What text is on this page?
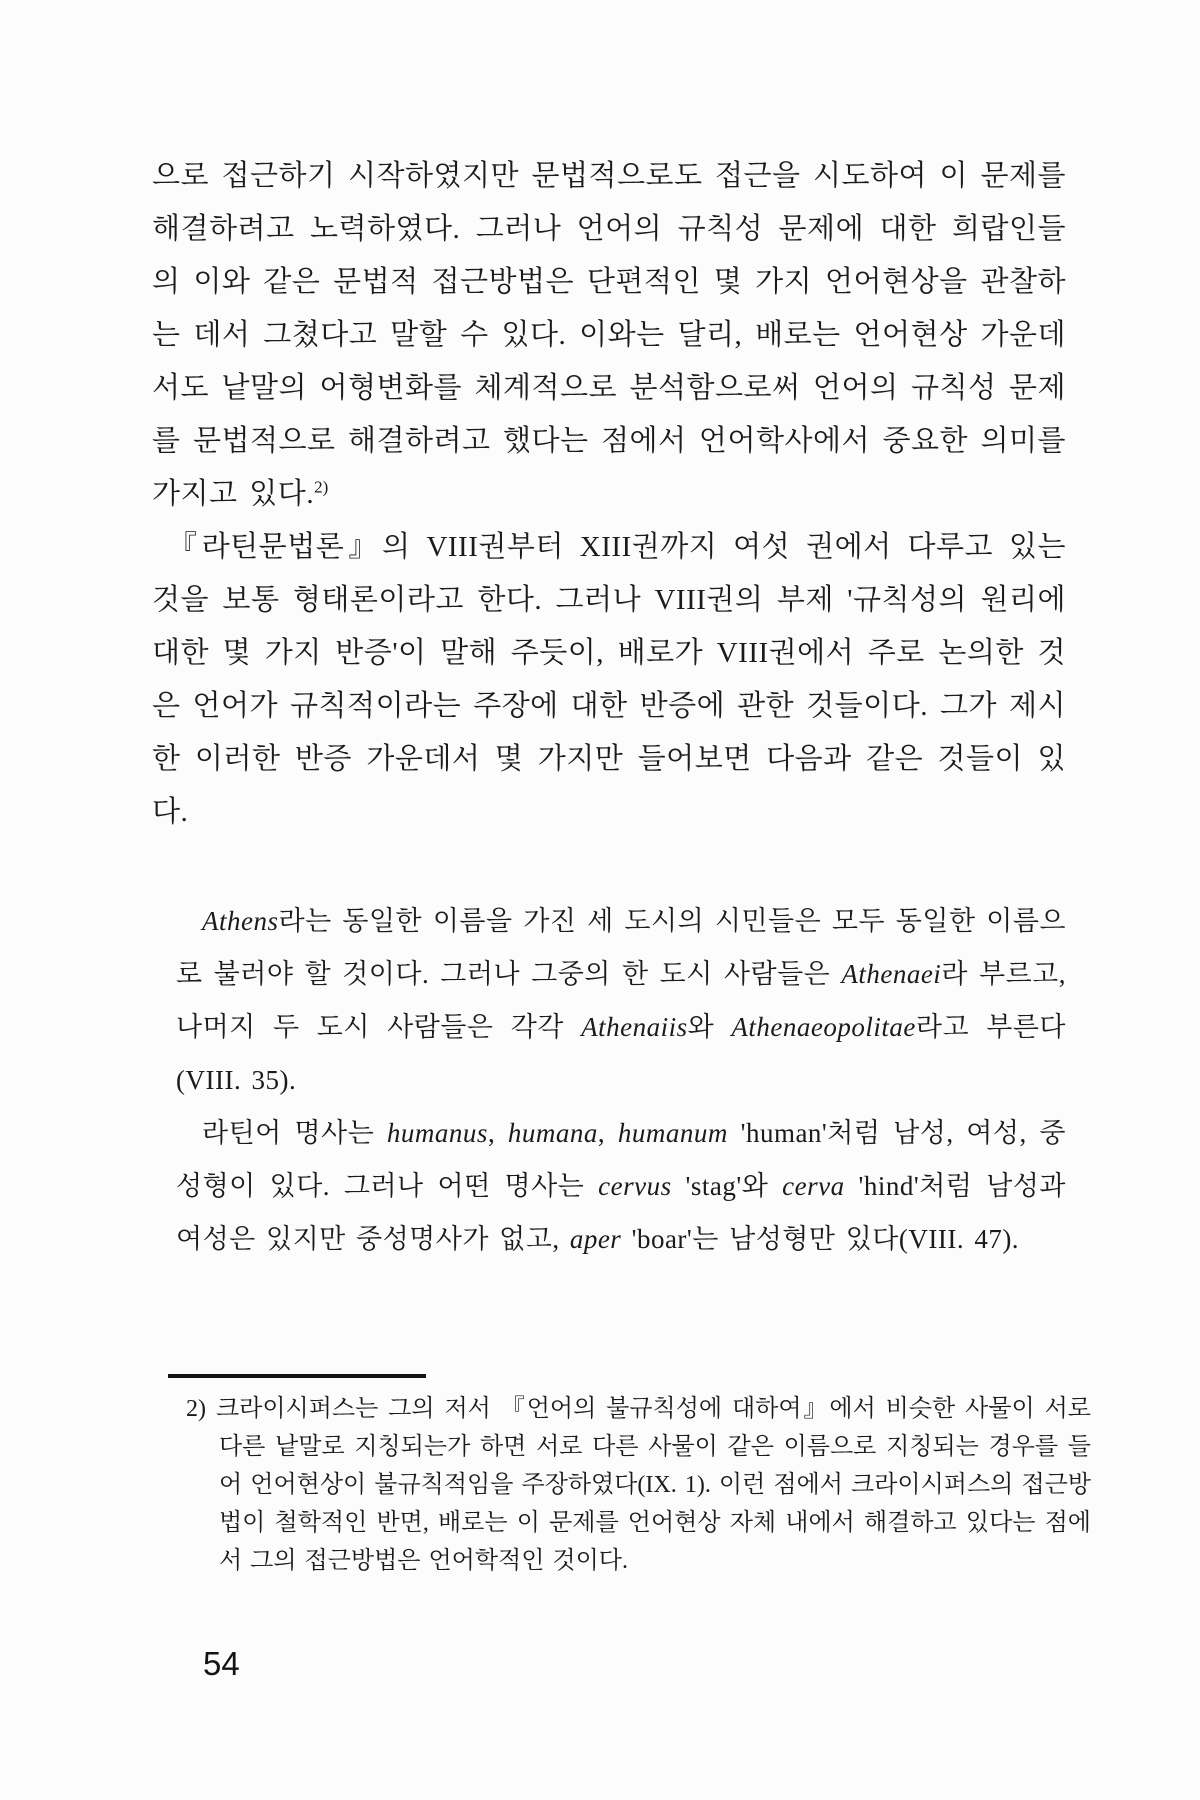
으로 접근하기 시작하였지만 문법적으로도 접근을 시도하여 이 문제를 해결하려고 노력하였다. 그러나 언어의 규칙성 문제에 대한 희랍인들의 이와 같은 문법적 접근방법은 단편적인 몇 가지 언어현상을 관찰하는 데서 그쳤다고 말할 수 있다. 이와는 달리, 배로는 언어현상 가운데서도 낱말의 어형변화를 체계적으로 분석함으로써 언어의 규칙성 문제를 문법적으로 해결하려고 했다는 점에서 언어학사에서 중요한 의미를 가지고 있다.$^{2)}$

『라틴문법론』의 VIII권부터 XIII권까지 여섯 권에서 다루고 있는 것을 보통 형태론이라고 한다. 그러나 VIII권의 부제 '규칙성의 원리에 대한 몇 가지 반증'이 말해 주듯이, 배로가 VIII권에서 주로 논의한 것은 언어가 규칙적이라는 주장에 대한 반증에 관한 것들이다. 그가 제시한 이러한 반증 가운데서 몇 가지만 들어보면 다음과 같은 것들이 있다.

Athens라는 동일한 이름을 가진 세 도시의 시민들은 모두 동일한 이름으로 불러야 할 것이다. 그러나 그중의 한 도시 사람들은 Athenaei라 부르고, 나머지 두 도시 사람들은 각각 Athenaiis와 Athenaeopolitae라고 부른다(VIII. 35).

라틴어 명사는 humanus, humana, humanum 'human'처럼 남성, 여성, 중성형이 있다. 그러나 어떤 명사는 cervus 'stag'와 cerva 'hind'처럼 남성과 여성은 있지만 중성명사가 없고, aper 'boar'는 남성형만 있다(VIII. 47).

2) 크라이시퍼스는 그의 저서 『언어의 불규칙성에 대하여』에서 비슷한 사물이 서로 다른 낱말로 지칭되는가 하면 서로 다른 사물이 같은 이름으로 지칭되는 경우를 들어 언어현상이 불규칙적임을 주장하였다(IX. 1). 이런 점에서 크라이시퍼스의 접근방법이 철학적인 반면, 배로는 이 문제를 언어현상 자체 내에서 해결하고 있다는 점에서 그의 접근방법은 언어학적인 것이다.

54
